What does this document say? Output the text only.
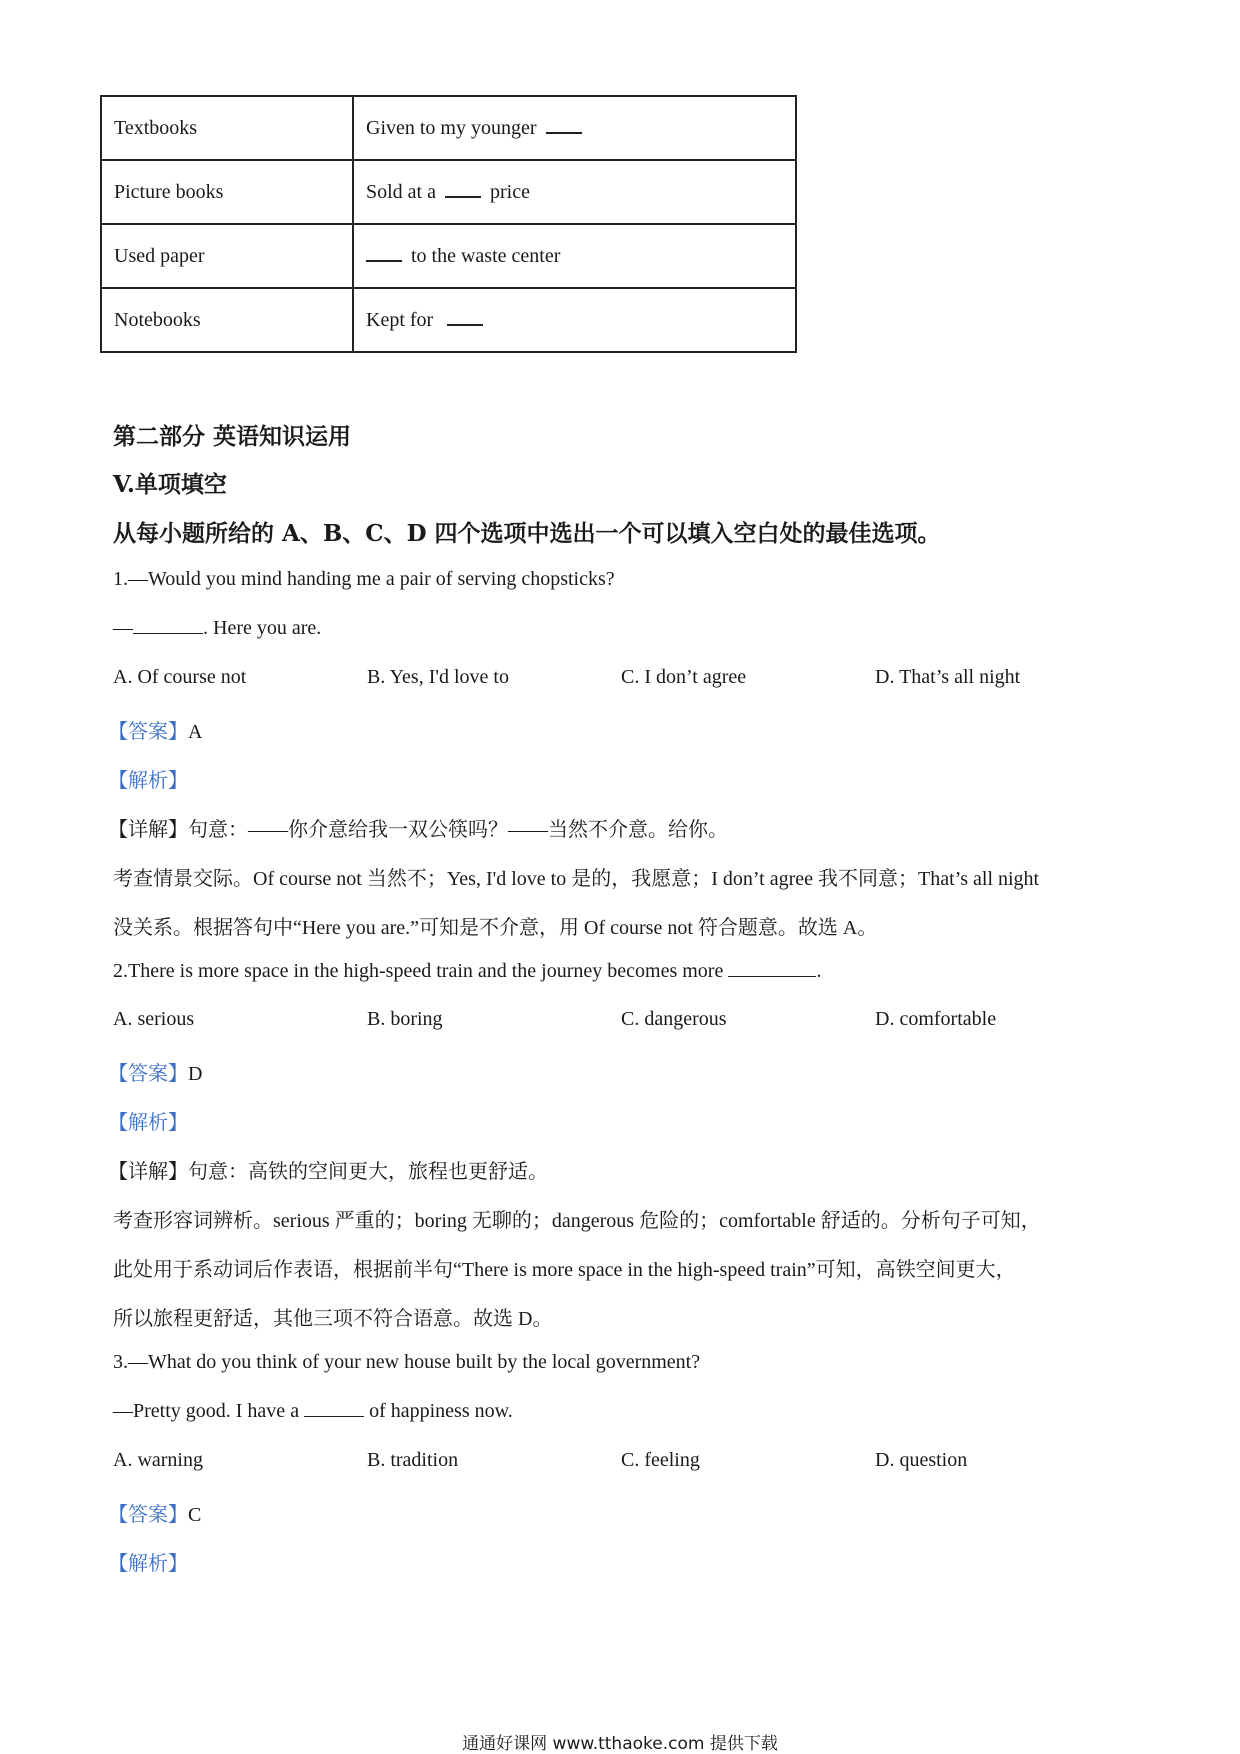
Textbooks	Given to my younger
Picture books	Sold at a price
Used paper	to the waste center
Notebooks	Kept for
第二部分 英语知识运用
V.单项填空
从每小题所给的 A、B、C、D 四个选项中选出一个可以填入空白处的最佳选项。
1.—Would you mind handing me a pair of serving chopsticks?
—	. Here you are.
A. Of course not	B. Yes, I'd love to	C. I don’t agree	D. That’s all night
【答案】A
【解析】
【详解】句意：——你介意给我一双公筷吗？——当然不介意。给你。
考查情景交际。Of course not 当然不；Yes, I'd love to 是的，我愿意；I don’t agree 我不同意；That’s all night
没关系。根据答句中“Here you are.”可知是不介意，用 Of course not 符合题意。故选 A。
2.There is more space in the high-speed train and the journey becomes more	.
A. serious	B. boring	C. dangerous	D. comfortable
【答案】D
【解析】
【详解】句意：高铁的空间更大，旅程也更舒适。
考查形容词辨析。serious 严重的；boring 无聊的；dangerous 危险的；comfortable 舒适的。分析句子可知，
此处用于系动词后作表语，根据前半句“There is more space in the high-speed train”可知，高铁空间更大，
所以旅程更舒适，其他三项不符合语意。故选 D。
3.—What do you think of your new house built by the local government?
—Pretty good. I have a	of happiness now.
A. warning	B. tradition	C. feeling	D. question
【答案】C
【解析】
通通好课网 www.tthaoke.com 提供下载
